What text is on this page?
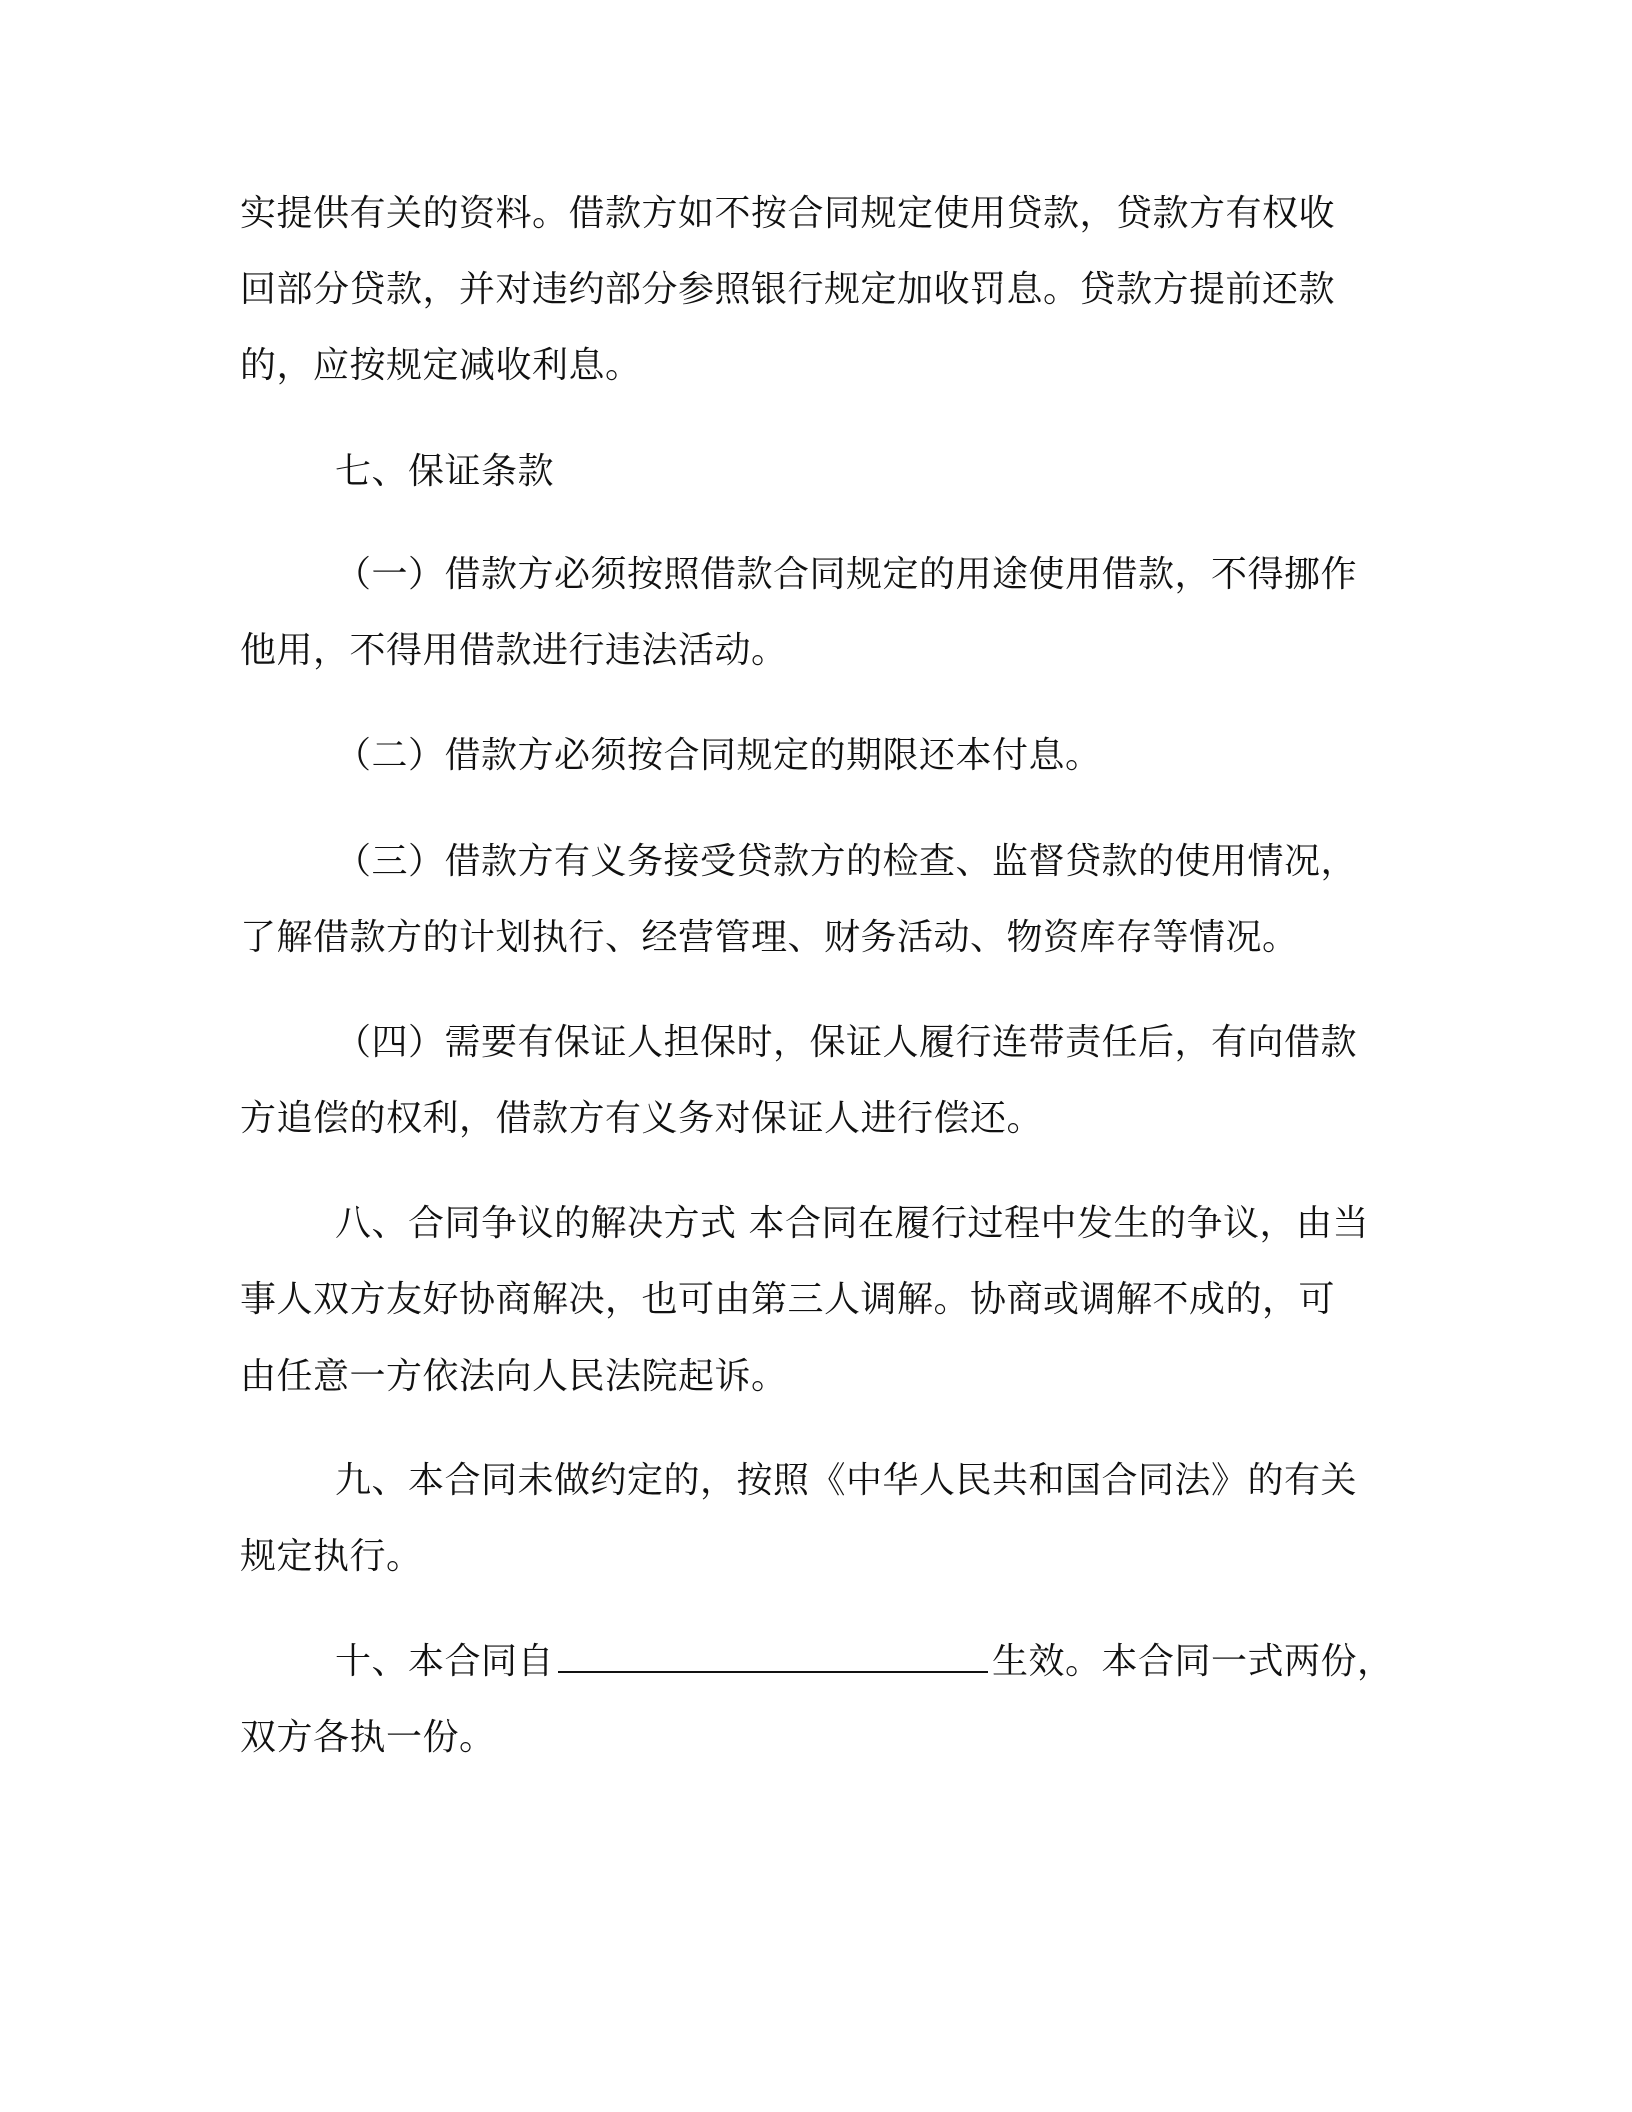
实提供有关的资料。借款方如不按合同规定使用贷款，贷款方有权收
回部分贷款，并对违约部分参照银行规定加收罚息。贷款方提前还款
的，应按规定减收利息。
七、保证条款
（一）借款方必须按照借款合同规定的用途使用借款，不得挪作
他用，不得用借款进行违法活动。
（二）借款方必须按合同规定的期限还本付息。
（三）借款方有义务接受贷款方的检查、监督贷款的使用情况，
了解借款方的计划执行、经营管理、财务活动、物资库存等情况。
（四）需要有保证人担保时，保证人履行连带责任后，有向借款
方追偿的权利，借款方有义务对保证人进行偿还。
八、合同争议的解决方式 本合同在履行过程中发生的争议，由当
事人双方友好协商解决，也可由第三人调解。协商或调解不成的，可
由任意一方依法向人民法院起诉。
九、本合同未做约定的，按照《中华人民共和国合同法》的有关
规定执行。
十、本合同自	生效。本合同一式两份，
双方各执一份。
